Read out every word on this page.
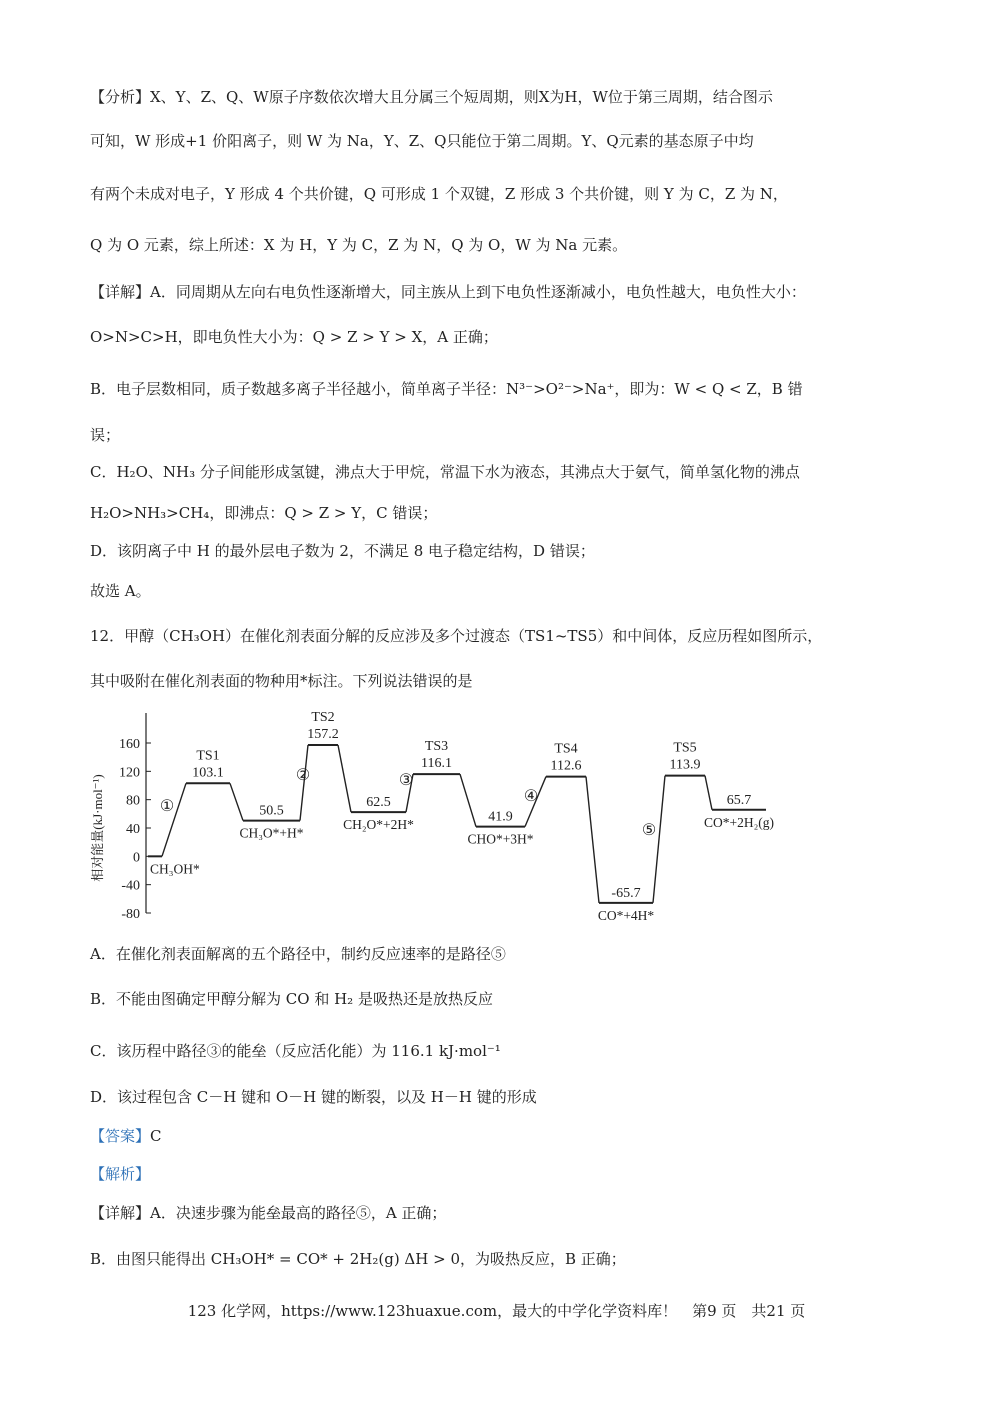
【分析】X、Y、Z、Q、W原子序数依次增大且分属三个短周期，则X为H，W位于第三周期，结合图示
可知，W 形成+1 价阳离子，则 W 为 Na，Y、Z、Q只能位于第二周期。Y、Q元素的基态原子中均
有两个未成对电子，Y 形成 4 个共价键，Q 可形成 1 个双键，Z 形成 3 个共价键，则 Y 为 C，Z 为 N，
Q 为 O 元素，综上所述：X 为 H，Y 为 C，Z 为 N，Q 为 O，W 为 Na 元素。
【详解】A．同周期从左向右电负性逐渐增大，同主族从上到下电负性逐渐减小，电负性越大，电负性大小：
O>N>C>H，即电负性大小为：Q > Z > Y > X，A 正确；
B．电子层数相同，质子数越多离子半径越小，简单离子半径：N³⁻>O²⁻>Na⁺，即为：W < Q < Z，B 错
误；
C．H₂O、NH₃ 分子间能形成氢键，沸点大于甲烷，常温下水为液态，其沸点大于氨气，简单氢化物的沸点
H₂O>NH₃>CH₄，即沸点：Q > Z > Y，C 错误；
D．该阴离子中 H 的最外层电子数为 2，不满足 8 电子稳定结构，D 错误；
故选 A。
12．甲醇（CH₃OH）在催化剂表面分解的反应涉及多个过渡态（TS1~TS5）和中间体，反应历程如图所示，
其中吸附在催化剂表面的物种用*标注。下列说法错误的是
160
120
80
40
0
-40
-80
相对能量(kJ·mol⁻¹)	CH₃OH*
TS1
103.1
50.5
CH₃O*+H*
TS2
157.2
62.5
CH₂O*+2H*
TS3
116.1
41.9
CHO*+3H*
TS4
112.6
-65.7
CO*+4H*
TS5
113.9
65.7
CO*+2H₂(g)
①
②	③
④
⑤
A．在催化剂表面解离的五个路径中，制约反应速率的是路径⑤
B．不能由图确定甲醇分解为 CO 和 H₂ 是吸热还是放热反应
C．该历程中路径③的能垒（反应活化能）为 116.1 kJ·mol⁻¹
D．该过程包含 C－H 键和 O－H 键的断裂，以及 H－H 键的形成
【答案】C
【解析】
【详解】A．决速步骤为能垒最高的路径⑤，A 正确；
B．由图只能得出 CH₃OH* = CO* + 2H₂(g) ΔH > 0，为吸热反应，B 正确；
123 化学网，https://www.123huaxue.com，最大的中学化学资料库！　第9 页　共21 页
